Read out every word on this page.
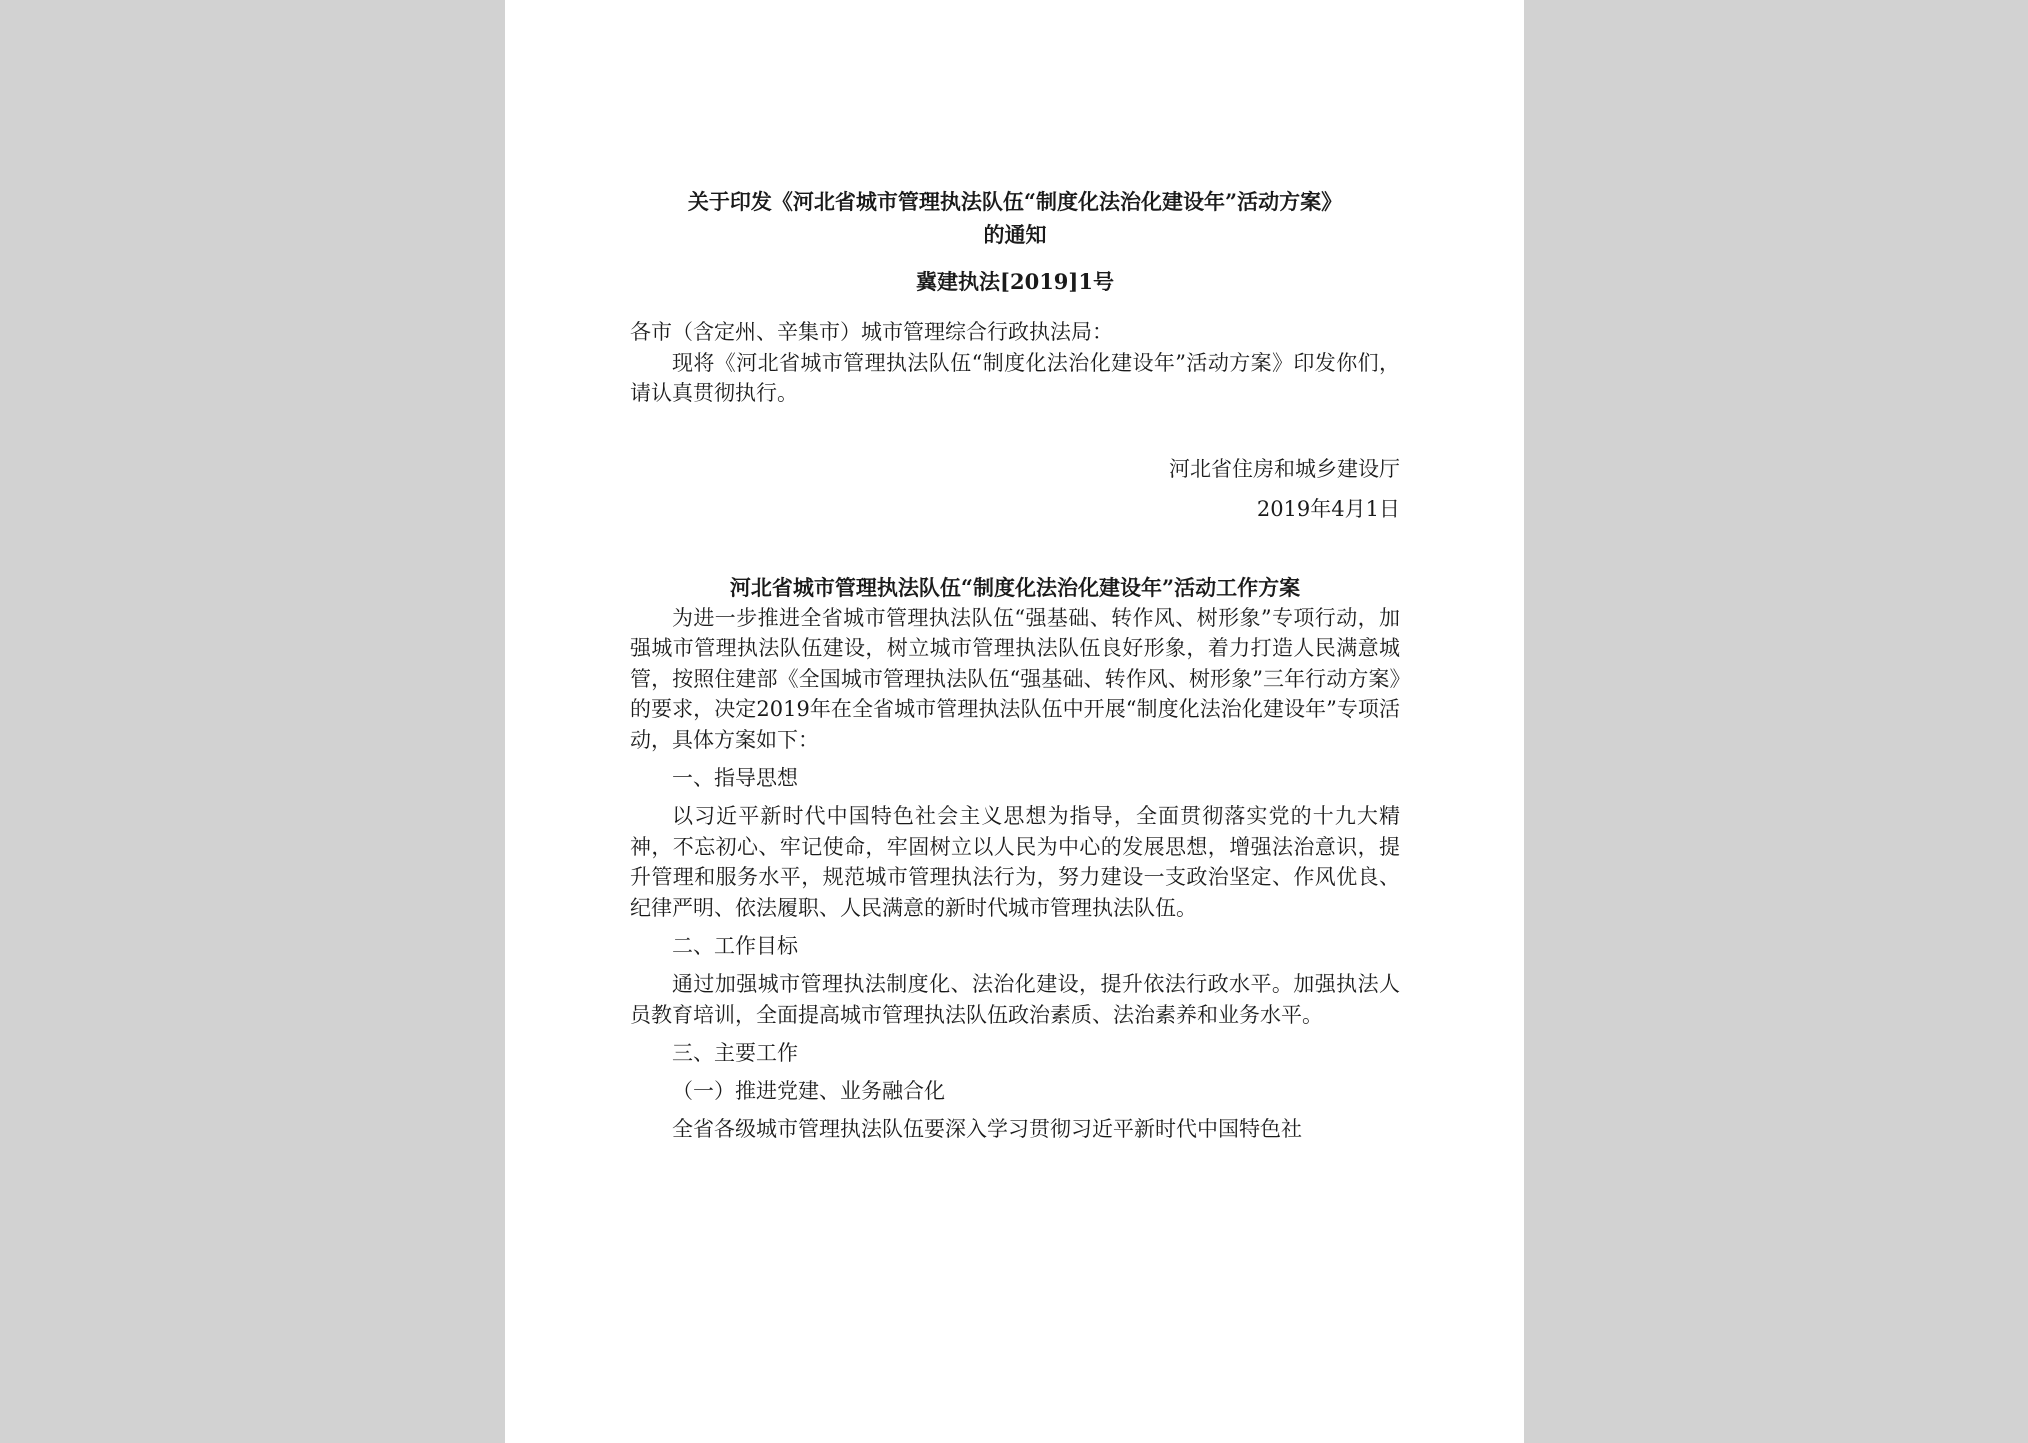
关于印发《河北省城市管理执法队伍“制度化法治化建设年”活动方案》
的通知
冀建执法[2019]1号

各市（含定州、辛集市）城市管理综合行政执法局：

现将《河北省城市管理执法队伍“制度化法治化建设年”活动方案》印发你们，请认真贯彻执行。

河北省住房和城乡建设厅
2019年4月1日
河北省城市管理执法队伍“制度化法治化建设年”活动工作方案

为进一步推进全省城市管理执法队伍“强基础、转作风、树形象”专项行动，加强城市管理执法队伍建设，树立城市管理执法队伍良好形象，着力打造人民满意城管，按照住建部《全国城市管理执法队伍“强基础、转作风、树形象”三年行动方案》的要求，决定2019年在全省城市管理执法队伍中开展“制度化法治化建设年”专项活动，具体方案如下：

一、指导思想

以习近平新时代中国特色社会主义思想为指导，全面贯彻落实党的十九大精神，不忘初心、牢记使命，牢固树立以人民为中心的发展思想，增强法治意识，提升管理和服务水平，规范城市管理执法行为，努力建设一支政治坚定、作风优良、纪律严明、依法履职、人民满意的新时代城市管理执法队伍。

二、工作目标

通过加强城市管理执法制度化、法治化建设，提升依法行政水平。加强执法人员教育培训，全面提高城市管理执法队伍政治素质、法治素养和业务水平。

三、主要工作
（一）推进党建、业务融合化

全省各级城市管理执法队伍要深入学习贯彻习近平新时代中国特色社
